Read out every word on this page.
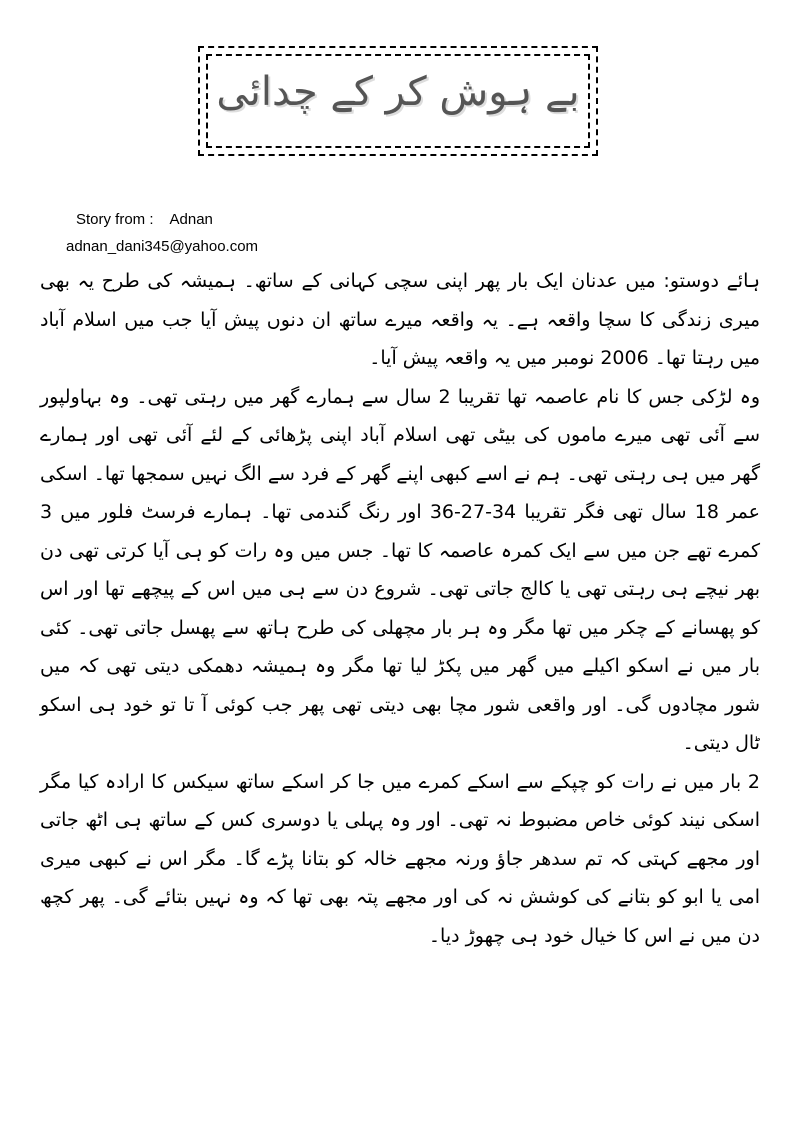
بے ہوش کر کے چدائی
Story from : Adnan
adnan_dani345@yahoo.com

ہائے دوستو: میں عدنان ایک بار پھر اپنی سچی کہانی کے ساتھ۔ ہمیشہ کی طرح یہ بھی میری زندگی کا سچا واقعہ ہے۔ یہ واقعہ میرے ساتھ ان دنوں پیش آیا جب میں اسلام آباد میں رہتا تھا۔ 2006 نومبر میں یہ واقعہ پیش آیا۔

وہ لڑکی جس کا نام عاصمہ تھا تقریبا 2 سال سے ہمارے گھر میں رہتی تھی۔ وہ بہاولپور سے آئی تھی میرے ماموں کی بیٹی تھی اسلام آباد اپنی پڑھائی کے لئے آئی تھی اور ہمارے گھر میں ہی رہتی تھی۔ ہم نے اسے کبھی اپنے گھر کے فرد سے الگ نہیں سمجھا تھا۔ اسکی عمر 18 سال تھی فگر تقریبا 34-27-36 اور رنگ گندمی تھا۔ ہمارے فرسٹ فلور میں 3 کمرے تھے جن میں سے ایک کمرہ عاصمہ کا تھا۔ جس میں وہ رات کو ہی آیا کرتی تھی دن بھر نیچے ہی رہتی تھی یا کالج جاتی تھی۔ شروع دن سے ہی میں اس کے پیچھے تھا اور اس کو پھسانے کے چکر میں تھا مگر وہ ہر بار مچھلی کی طرح ہاتھ سے پھسل جاتی تھی۔ کئی بار میں نے اسکو اکیلے میں گھر میں پکڑ لیا تھا مگر وہ ہمیشہ دھمکی دیتی تھی کہ میں شور مچادوں گی۔ اور واقعی شور مچا بھی دیتی تھی پھر جب کوئی آ تا تو خود ہی اسکو ٹال دیتی۔

2 بار میں نے رات کو چپکے سے اسکے کمرے میں جا کر اسکے ساتھ سیکس کا ارادہ کیا مگر اسکی نیند کوئی خاص مضبوط نہ تھی۔ اور وہ پہلی یا دوسری کس کے ساتھ ہی اٹھ جاتی اور مجھے کہتی کہ تم سدھر جاؤ ورنہ مجھے خالہ کو بتانا پڑے گا۔ مگر اس نے کبھی میری امی یا ابو کو بتانے کی کوشش نہ کی اور مجھے پتہ بھی تھا کہ وہ نہیں بتائے گی۔ پھر کچھ دن میں نے اس کا خیال خود ہی چھوڑ دیا۔
